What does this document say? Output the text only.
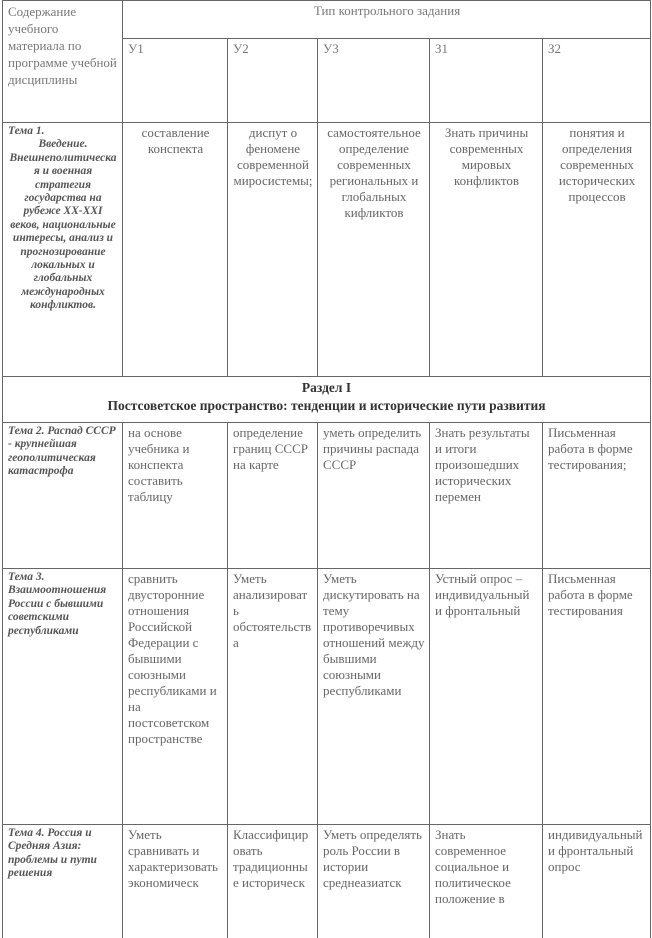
Содержание учебного материала по программе учебной дисциплины	Тип контрольного задания				
	У1	У2	У3	З1	З2
Тема 1.

Введение.
Внешнеполитическая и военная стратегия государства на рубеже XX-XXI веков, национальные интересы, анализ и прогнозирование локальных и глобальных международных конфликтов.	составление конспекта	диспут о феномене современной миросистемы;	самостоятельное определение современных региональных и глобальных кифликтов	Знать причины современных мировых конфликтов	понятия и определения современных исторических процессов

Раздел I
Постсоветское пространство: тенденции и исторические пути развития					

Тема 2. Распад СССР - крупнейшая геополитическая катастрофа	на основе учебника и конспекта составить таблицу	определение границ СССР на карте	уметь определить причины распада СССР	Знать результаты и итоги произошедших исторических перемен	Письменная работа в форме тестирования;
Тема 3. Взаимоотношения России с бывшими советскими республиками	сравнить двусторонние отношения Российской Федерации с бывшими союзными республиками и на постсоветском пространстве	Уметь анализировать обстоятельства	Уметь дискутировать на тему противоречивых отношений между бывшими союзными республиками	Устный опрос – индивидуальный и фронтальный	Письменная работа в форме тестирования
Тема 4. Россия и Средняя Азия: проблемы и пути решения	Уметь сравнивать и характеризовать экономическ	Классифицировать традиционные историческ	Уметь определять роль России в истории среднеазиатск	Знать современное социальное и политическое положение в	индивидуальный и фронтальный опрос
